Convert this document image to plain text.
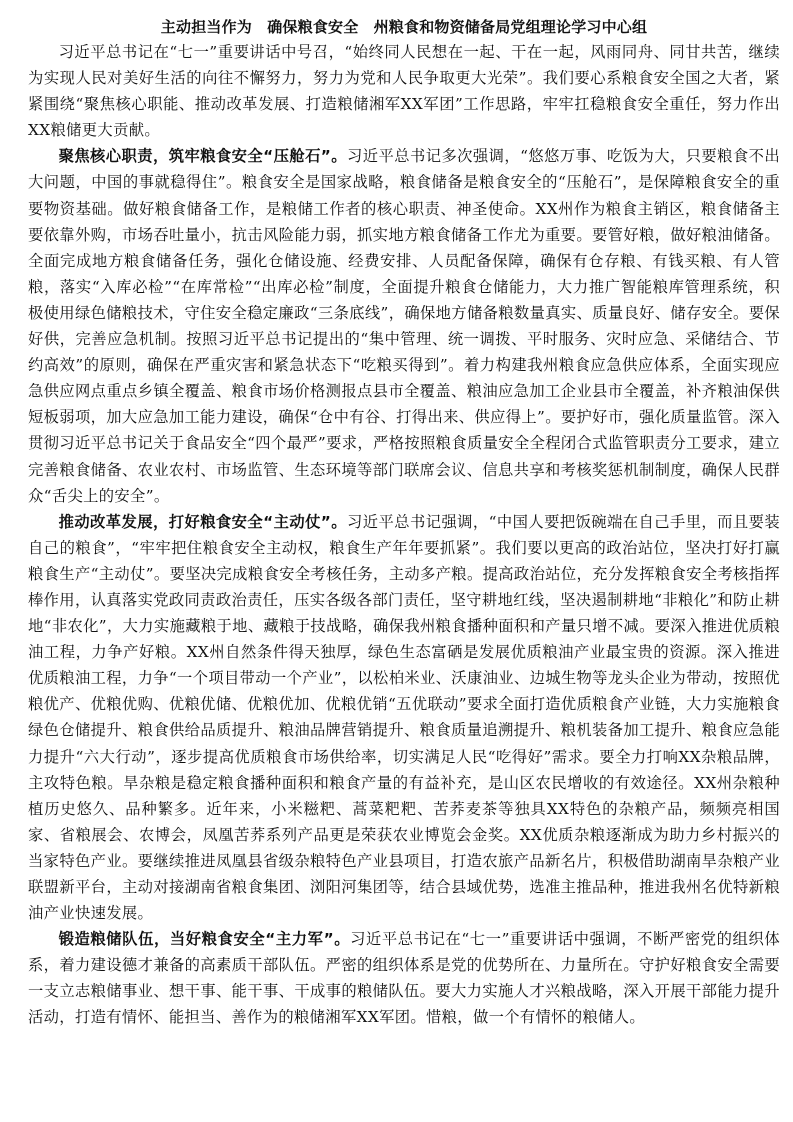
主动担当作为　确保粮食安全　州粮食和物资储备局党组理论学习中心组

习近平总书记在“七一”重要讲话中号召，“始终同人民想在一起、干在一起，风雨同舟、同甘共苦，继续为实现人民对美好生活的向往不懈努力，努力为党和人民争取更大光荣”。我们要心系粮食安全国之大者，紧紧围绕“聚焦核心职能、推动改革发展、打造粮储湘军XX军团”工作思路，牢牢扛稳粮食安全重任，努力作出XX粮储更大贡献。

聚焦核心职责，筑牢粮食安全“压舱石”。习近平总书记多次强调，“悠悠万事、吃饭为大，只要粮食不出大问题，中国的事就稳得住”。粮食安全是国家战略，粮食储备是粮食安全的“压舱石”，是保障粮食安全的重要物资基础。做好粮食储备工作，是粮储工作者的核心职责、神圣使命。XX州作为粮食主销区，粮食储备主要依靠外购，市场吞吐量小，抗击风险能力弱，抓实地方粮食储备工作尤为重要。要管好粮，做好粮油储备。全面完成地方粮食储备任务，强化仓储设施、经费安排、人员配备保障，确保有仓存粮、有钱买粮、有人管粮，落实“入库必检”“在库常检”“出库必检”制度，全面提升粮食仓储能力，大力推广智能粮库管理系统，积极使用绿色储粮技术，守住安全稳定廉政“三条底线”，确保地方储备粮数量真实、质量良好、储存安全。要保好供，完善应急机制。按照习近平总书记提出的“集中管理、统一调拨、平时服务、灾时应急、采储结合、节约高效”的原则，确保在严重灾害和紧急状态下“吃粮买得到”。着力构建我州粮食应急供应体系，全面实现应急供应网点重点乡镇全覆盖、粮食市场价格测报点县市全覆盖、粮油应急加工企业县市全覆盖，补齐粮油保供短板弱项，加大应急加工能力建设，确保“仓中有谷、打得出来、供应得上”。要护好市，强化质量监管。深入贯彻习近平总书记关于食品安全“四个最严”要求，严格按照粮食质量安全全程闭合式监管职责分工要求，建立完善粮食储备、农业农村、市场监管、生态环境等部门联席会议、信息共享和考核奖惩机制制度，确保人民群众“舌尖上的安全”。

推动改革发展，打好粮食安全“主动仗”。习近平总书记强调，“中国人要把饭碗端在自己手里，而且要装自己的粮食”，“牢牢把住粮食安全主动权，粮食生产年年要抓紧”。我们要以更高的政治站位，坚决打好打赢粮食生产“主动仗”。要坚决完成粮食安全考核任务，主动多产粮。提高政治站位，充分发挥粮食安全考核指挥棒作用，认真落实党政同责政治责任，压实各级各部门责任，坚守耕地红线，坚决遏制耕地“非粮化”和防止耕地“非农化”，大力实施藏粮于地、藏粮于技战略，确保我州粮食播种面积和产量只增不减。要深入推进优质粮油工程，力争产好粮。XX州自然条件得天独厚，绿色生态富硒是发展优质粮油产业最宝贵的资源。深入推进优质粮油工程，力争“一个项目带动一个产业”，以松柏米业、沃康油业、边城生物等龙头企业为带动，按照优粮优产、优粮优购、优粮优储、优粮优加、优粮优销“五优联动”要求全面打造优质粮食产业链，大力实施粮食绿色仓储提升、粮食供给品质提升、粮油品牌营销提升、粮食质量追溯提升、粮机装备加工提升、粮食应急能力提升“六大行动”，逐步提高优质粮食市场供给率，切实满足人民“吃得好”需求。要全力打响XX杂粮品牌，主攻特色粮。旱杂粮是稳定粮食播种面积和粮食产量的有益补充，是山区农民增收的有效途径。XX州杂粮种植历史悠久、品种繁多。近年来，小米糍粑、蒿菜粑粑、苦荞麦茶等独具XX特色的杂粮产品，频频亮相国家、省粮展会、农博会，凤凰苦荞系列产品更是荣获农业博览会金奖。XX优质杂粮逐渐成为助力乡村振兴的当家特色产业。要继续推进凤凰县省级杂粮特色产业县项目，打造农旅产品新名片，积极借助湖南旱杂粮产业联盟新平台，主动对接湖南省粮食集团、浏阳河集团等，结合县域优势，选准主推品种，推进我州名优特新粮油产业快速发展。

锻造粮储队伍，当好粮食安全“主力军”。习近平总书记在“七一”重要讲话中强调，不断严密党的组织体系，着力建设德才兼备的高素质干部队伍。严密的组织体系是党的优势所在、力量所在。守护好粮食安全需要一支立志粮储事业、想干事、能干事、干成事的粮储队伍。要大力实施人才兴粮战略，深入开展干部能力提升活动，打造有情怀、能担当、善作为的粮储湘军XX军团。惜粮，做一个有情怀的粮储人。
